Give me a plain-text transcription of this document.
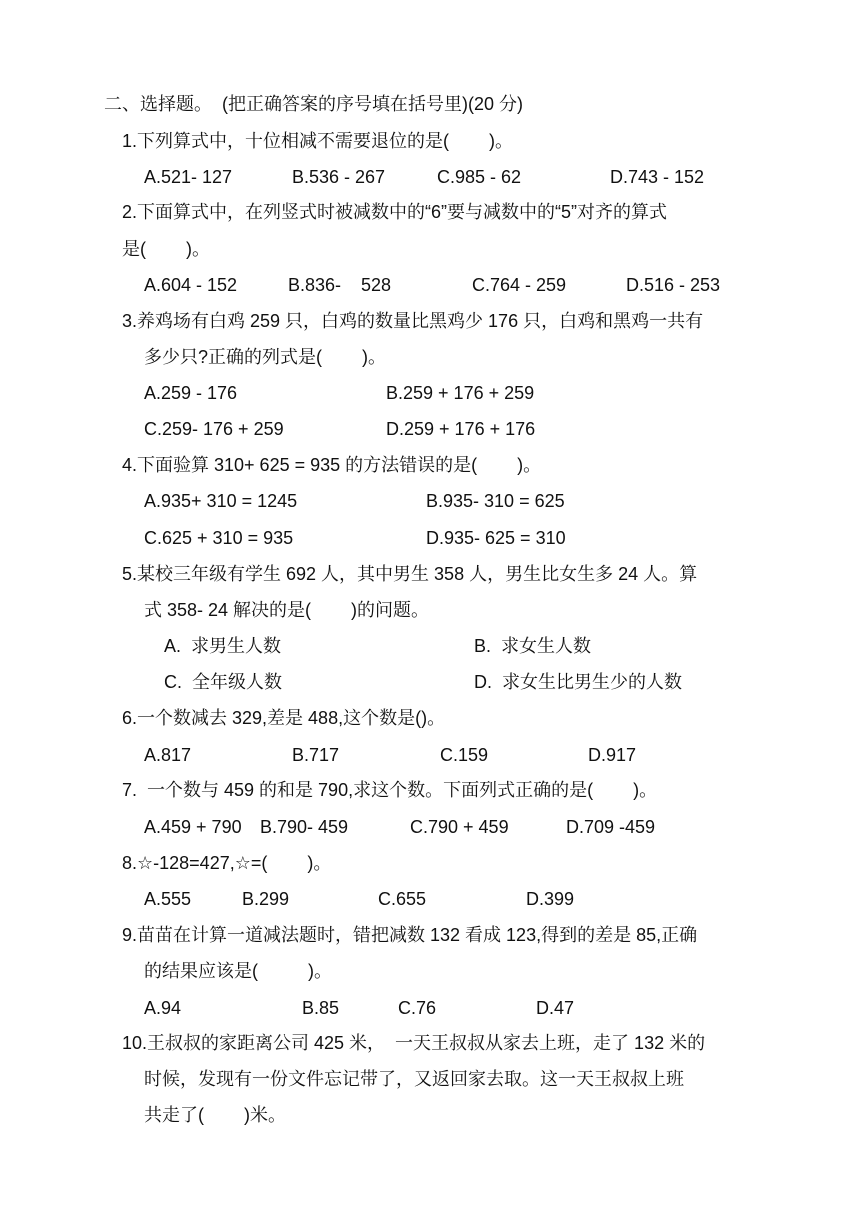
二、选择题。  (把正确答案的序号填在括号里)(20 分)
1.下列算式中，十位相减不需要退位的是(        )。
A.521- 127	B.536 - 267	C.985 - 62	D.743 - 152
2.下面算式中，在列竖式时被减数中的“6”要与减数中的“5”对齐的算式
是(        )。
A.604 - 152	B.836-    528	C.764 - 259	D.516 - 253
3.养鸡场有白鸡 259 只，白鸡的数量比黑鸡少 176 只，白鸡和黑鸡一共有
多少只?正确的列式是(        )。
A.259 - 176	B.259 + 176 + 259
C.259- 176 + 259	D.259 + 176 + 176
4.下面验算 310+ 625 = 935 的方法错误的是(        )。
A.935+ 310 = 1245	B.935- 310 = 625
C.625 + 310 = 935	D.935- 625 = 310
5.某校三年级有学生 692 人，其中男生 358 人，男生比女生多 24 人。算
式 358- 24 解决的是(        )的问题。
A.  求男生人数	B.  求女生人数
C.  全年级人数	D.  求女生比男生少的人数
6.一个数减去 329,差是 488,这个数是()。
A.817	B.717	C.159	D.917
7.  一个数与 459 的和是 790,求这个数。下面列式正确的是(        )。
A.459 + 790 B.790- 459	C.790 + 459	D.709 -459
8.☆-128=427,☆=(        )。
A.555	B.299	C.655	D.399
9.苗苗在计算一道减法题时，错把减数 132 看成 123,得到的差是 85,正确
的结果应该是(          )。
A.94	B.85	C.76	D.47
10.王叔叔的家距离公司 425 米，  一天王叔叔从家去上班，走了 132 米的
时候，发现有一份文件忘记带了，又返回家去取。这一天王叔叔上班
共走了(        )米。
